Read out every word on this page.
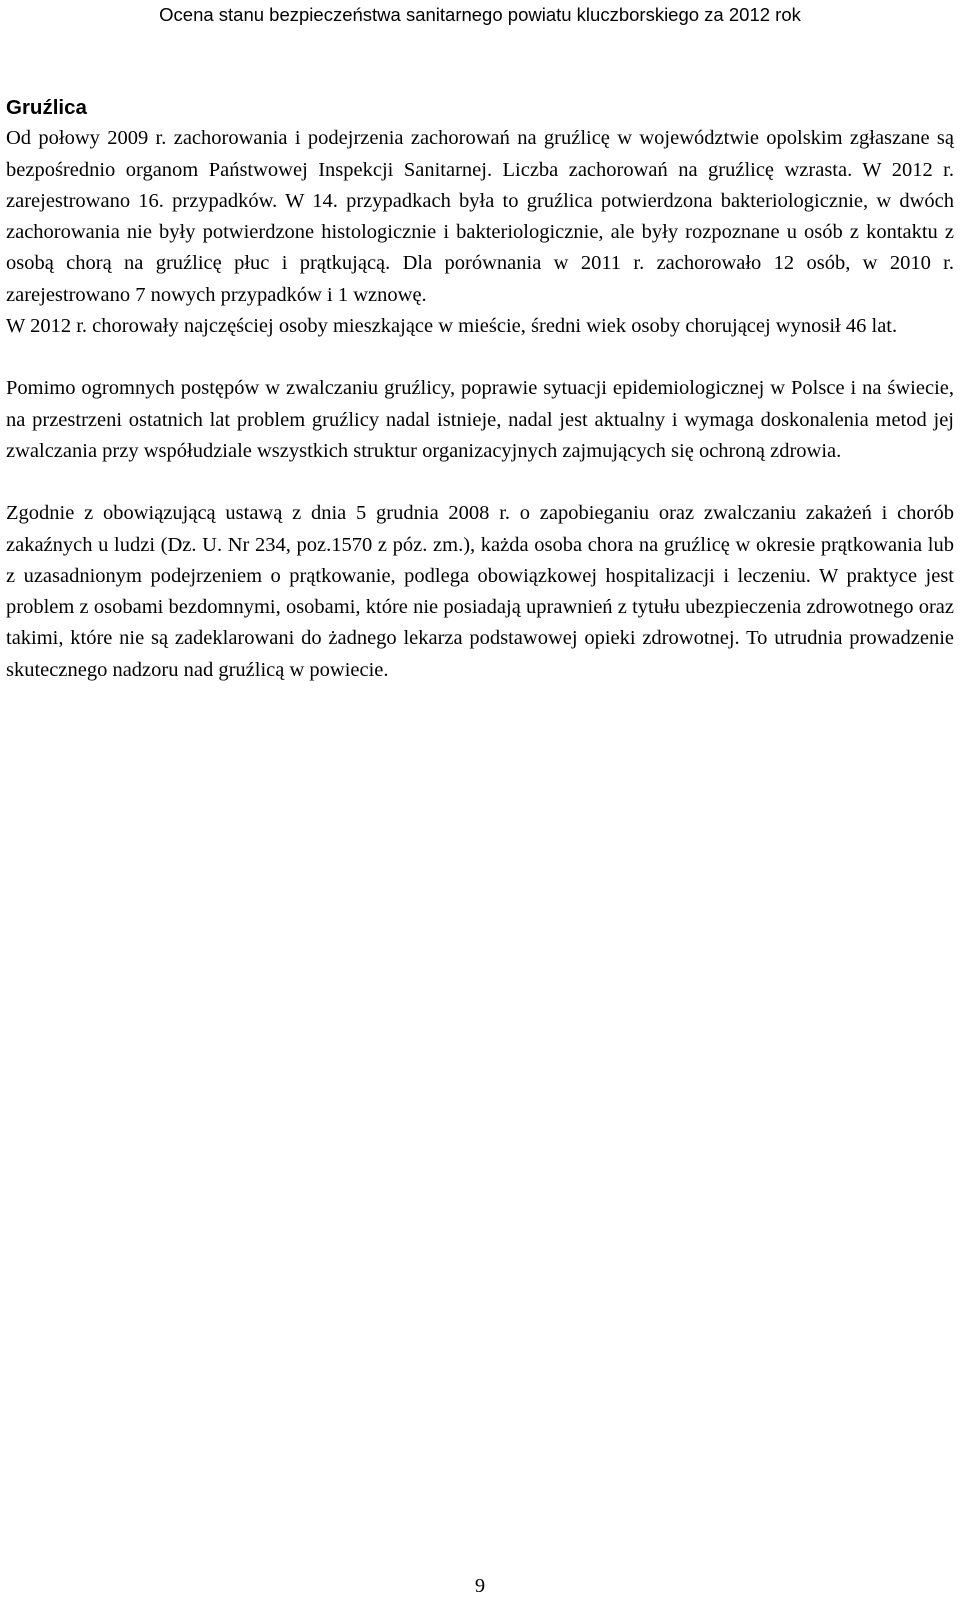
Ocena stanu bezpieczeństwa sanitarnego powiatu kluczborskiego za 2012 rok
Gruźlica

Od połowy 2009 r. zachorowania i podejrzenia zachorowań na gruźlicę w województwie opolskim zgłaszane są bezpośrednio organom Państwowej Inspekcji Sanitarnej. Liczba zachorowań na gruźlicę wzrasta. W 2012 r. zarejestrowano 16. przypadków. W 14. przypadkach była to gruźlica potwierdzona bakteriologicznie, w dwóch zachorowania nie były potwierdzone histologicznie i bakteriologicznie, ale były rozpoznane u osób z kontaktu z osobą chorą na gruźlicę płuc i prątkującą. Dla porównania w 2011 r. zachorowało 12 osób, w 2010 r. zarejestrowano 7 nowych przypadków i 1 wznowę.

W 2012 r. chorowały najczęściej osoby mieszkające w mieście, średni wiek osoby chorującej wynosił 46 lat.

Pomimo ogromnych postępów w zwalczaniu gruźlicy, poprawie sytuacji epidemiologicznej w Polsce i na świecie, na przestrzeni ostatnich lat problem gruźlicy nadal istnieje, nadal jest aktualny i wymaga doskonalenia metod jej zwalczania przy współudziale wszystkich struktur organizacyjnych zajmujących się ochroną zdrowia.

Zgodnie z obowiązującą ustawą z dnia 5 grudnia 2008 r. o zapobieganiu oraz zwalczaniu zakażeń i chorób zakaźnych u ludzi (Dz. U. Nr 234, poz.1570 z póz. zm.), każda osoba chora na gruźlicę w okresie prątkowania lub z uzasadnionym podejrzeniem o prątkowanie, podlega obowiązkowej hospitalizacji i leczeniu. W praktyce jest problem z osobami bezdomnymi, osobami, które nie posiadają uprawnień z tytułu ubezpieczenia zdrowotnego oraz takimi, które nie są zadeklarowani do żadnego lekarza podstawowej opieki zdrowotnej. To utrudnia prowadzenie skutecznego nadzoru nad gruźlicą w powiecie.

9
